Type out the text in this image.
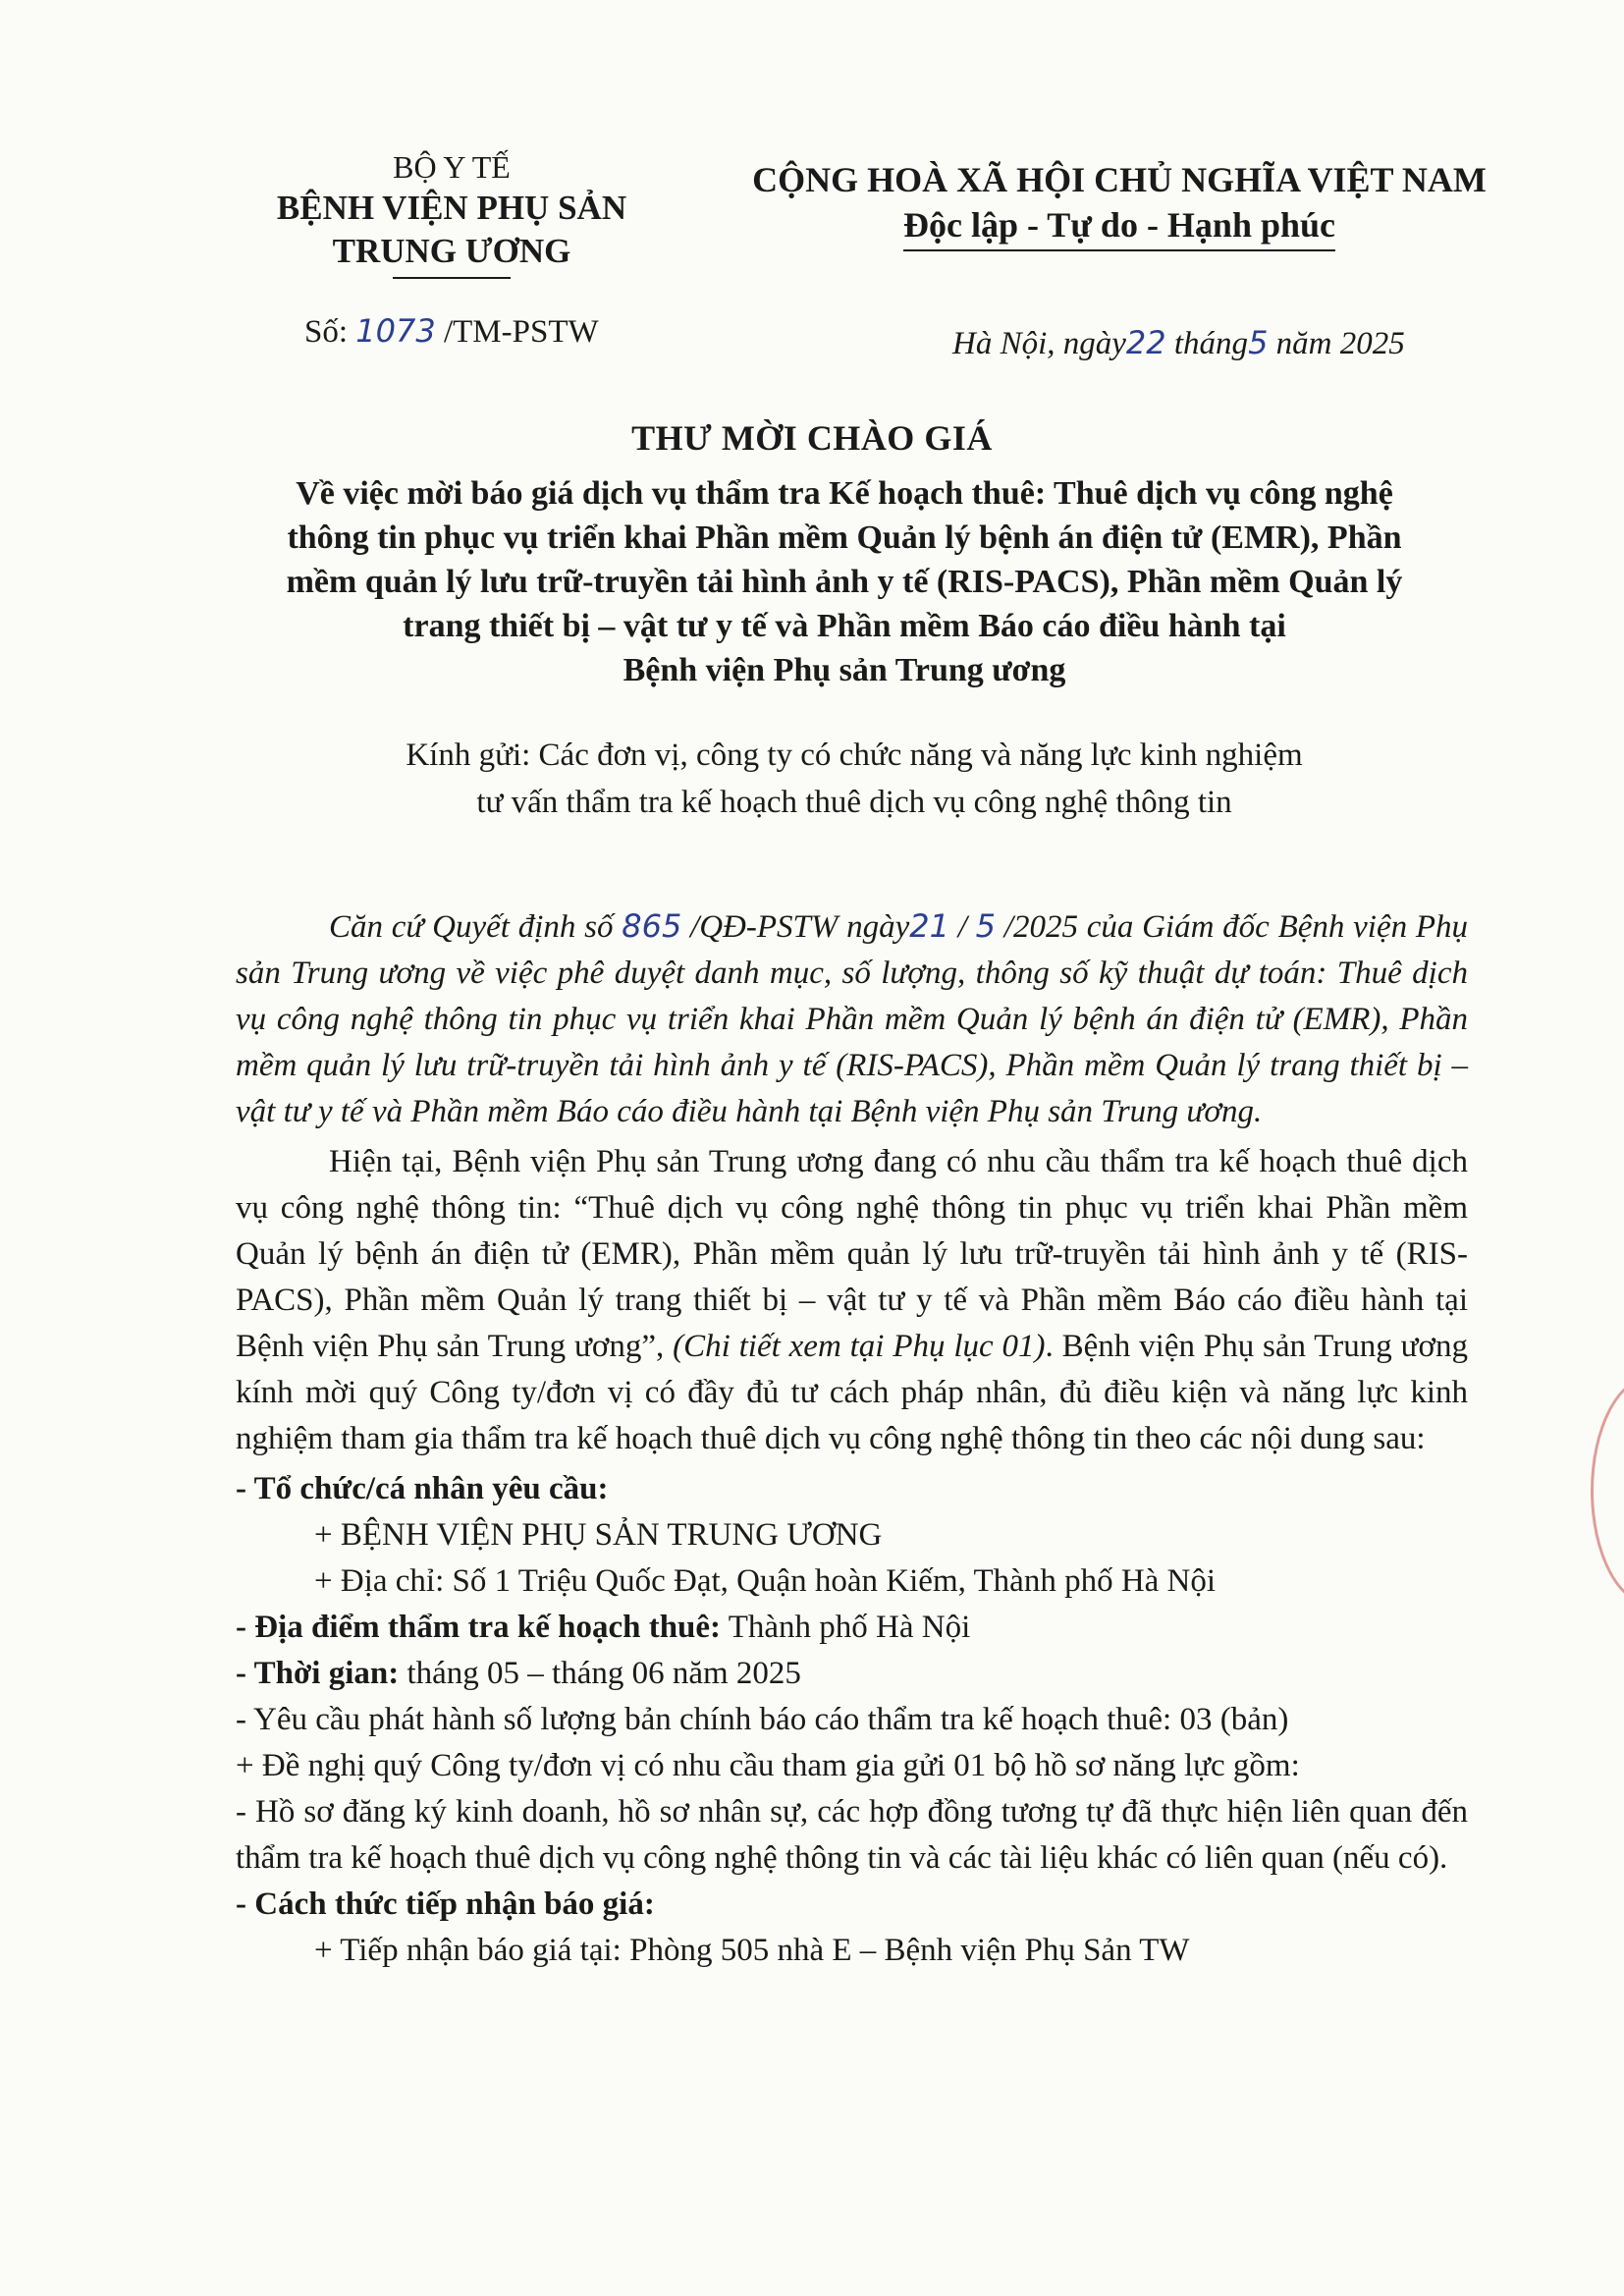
BỘ Y TẾ
BỆNH VIỆN PHỤ SẢN
TRUNG ƯƠNG
CỘNG HOÀ XÃ HỘI CHỦ NGHĨA VIỆT NAM
Độc lập - Tự do - Hạnh phúc
Số: 1073 /TM-PSTW	Hà Nội, ngày22 tháng5 năm 2025
THƯ MỜI CHÀO GIÁ
Về việc mời báo giá dịch vụ thẩm tra Kế hoạch thuê: Thuê dịch vụ công nghệ
thông tin phục vụ triển khai Phần mềm Quản lý bệnh án điện tử (EMR), Phần
mềm quản lý lưu trữ-truyền tải hình ảnh y tế (RIS-PACS), Phần mềm Quản lý
trang thiết bị – vật tư y tế và Phần mềm Báo cáo điều hành tại
Bệnh viện Phụ sản Trung ương
Kính gửi: Các đơn vị, công ty có chức năng và năng lực kinh nghiệm
tư vấn thẩm tra kế hoạch thuê dịch vụ công nghệ thông tin

Căn cứ Quyết định số 865 /QĐ-PSTW ngày21 / 5 /2025 của Giám đốc Bệnh viện Phụ sản Trung ương về việc phê duyệt danh mục, số lượng, thông số kỹ thuật dự toán: Thuê dịch vụ công nghệ thông tin phục vụ triển khai Phần mềm Quản lý bệnh án điện tử (EMR), Phần mềm quản lý lưu trữ-truyền tải hình ảnh y tế (RIS-PACS), Phần mềm Quản lý trang thiết bị – vật tư y tế và Phần mềm Báo cáo điều hành tại Bệnh viện Phụ sản Trung ương.

Hiện tại, Bệnh viện Phụ sản Trung ương đang có nhu cầu thẩm tra kế hoạch thuê dịch vụ công nghệ thông tin: “Thuê dịch vụ công nghệ thông tin phục vụ triển khai Phần mềm Quản lý bệnh án điện tử (EMR), Phần mềm quản lý lưu trữ-truyền tải hình ảnh y tế (RIS-PACS), Phần mềm Quản lý trang thiết bị – vật tư y tế và Phần mềm Báo cáo điều hành tại Bệnh viện Phụ sản Trung ương”, (Chi tiết xem tại Phụ lục 01). Bệnh viện Phụ sản Trung ương kính mời quý Công ty/đơn vị có đầy đủ tư cách pháp nhân, đủ điều kiện và năng lực kinh nghiệm tham gia thẩm tra kế hoạch thuê dịch vụ công nghệ thông tin theo các nội dung sau:

- Tổ chức/cá nhân yêu cầu:

+ BỆNH VIỆN PHỤ SẢN TRUNG ƯƠNG

+ Địa chỉ: Số 1 Triệu Quốc Đạt, Quận hoàn Kiếm, Thành phố Hà Nội

- Địa điểm thẩm tra kế hoạch thuê: Thành phố Hà Nội

- Thời gian: tháng 05 – tháng 06 năm 2025

- Yêu cầu phát hành số lượng bản chính báo cáo thẩm tra kế hoạch thuê: 03 (bản)

+ Đề nghị quý Công ty/đơn vị có nhu cầu tham gia gửi 01 bộ hồ sơ năng lực gồm:

- Hồ sơ đăng ký kinh doanh, hồ sơ nhân sự, các hợp đồng tương tự đã thực hiện liên quan đến thẩm tra kế hoạch thuê dịch vụ công nghệ thông tin và các tài liệu khác có liên quan (nếu có).

- Cách thức tiếp nhận báo giá:

+ Tiếp nhận báo giá tại: Phòng 505 nhà E – Bệnh viện Phụ Sản TW
